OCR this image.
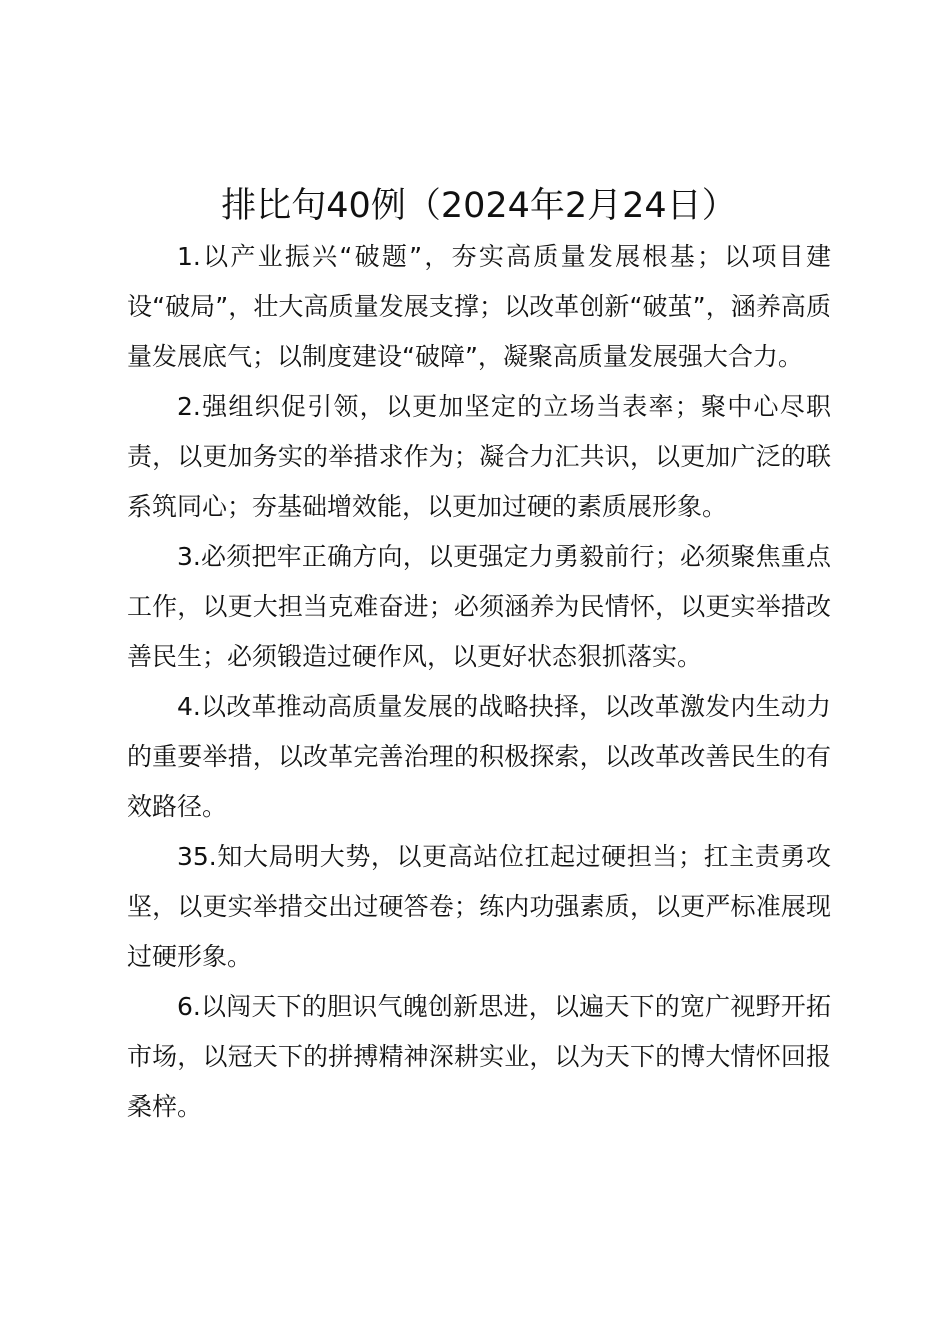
排比句40例（2024年2月24日）

1.以产业振兴“破题”，夯实高质量发展根基；以项目建设“破局”，壮大高质量发展支撑；以改革创新“破茧”，涵养高质量发展底气；以制度建设“破障”，凝聚高质量发展强大合力。

2.强组织促引领，以更加坚定的立场当表率；聚中心尽职责，以更加务实的举措求作为；凝合力汇共识，以更加广泛的联系筑同心；夯基础增效能，以更加过硬的素质展形象。

3.必须把牢正确方向，以更强定力勇毅前行；必须聚焦重点工作，以更大担当克难奋进；必须涵养为民情怀，以更实举措改善民生；必须锻造过硬作风，以更好状态狠抓落实。

4.以改革推动高质量发展的战略抉择，以改革激发内生动力的重要举措，以改革完善治理的积极探索，以改革改善民生的有效路径。

35.知大局明大势，以更高站位扛起过硬担当；扛主责勇攻坚，以更实举措交出过硬答卷；练内功强素质，以更严标准展现过硬形象。

6.以闯天下的胆识气魄创新思进，以遍天下的宽广视野开拓市场，以冠天下的拼搏精神深耕实业，以为天下的博大情怀回报桑梓。
